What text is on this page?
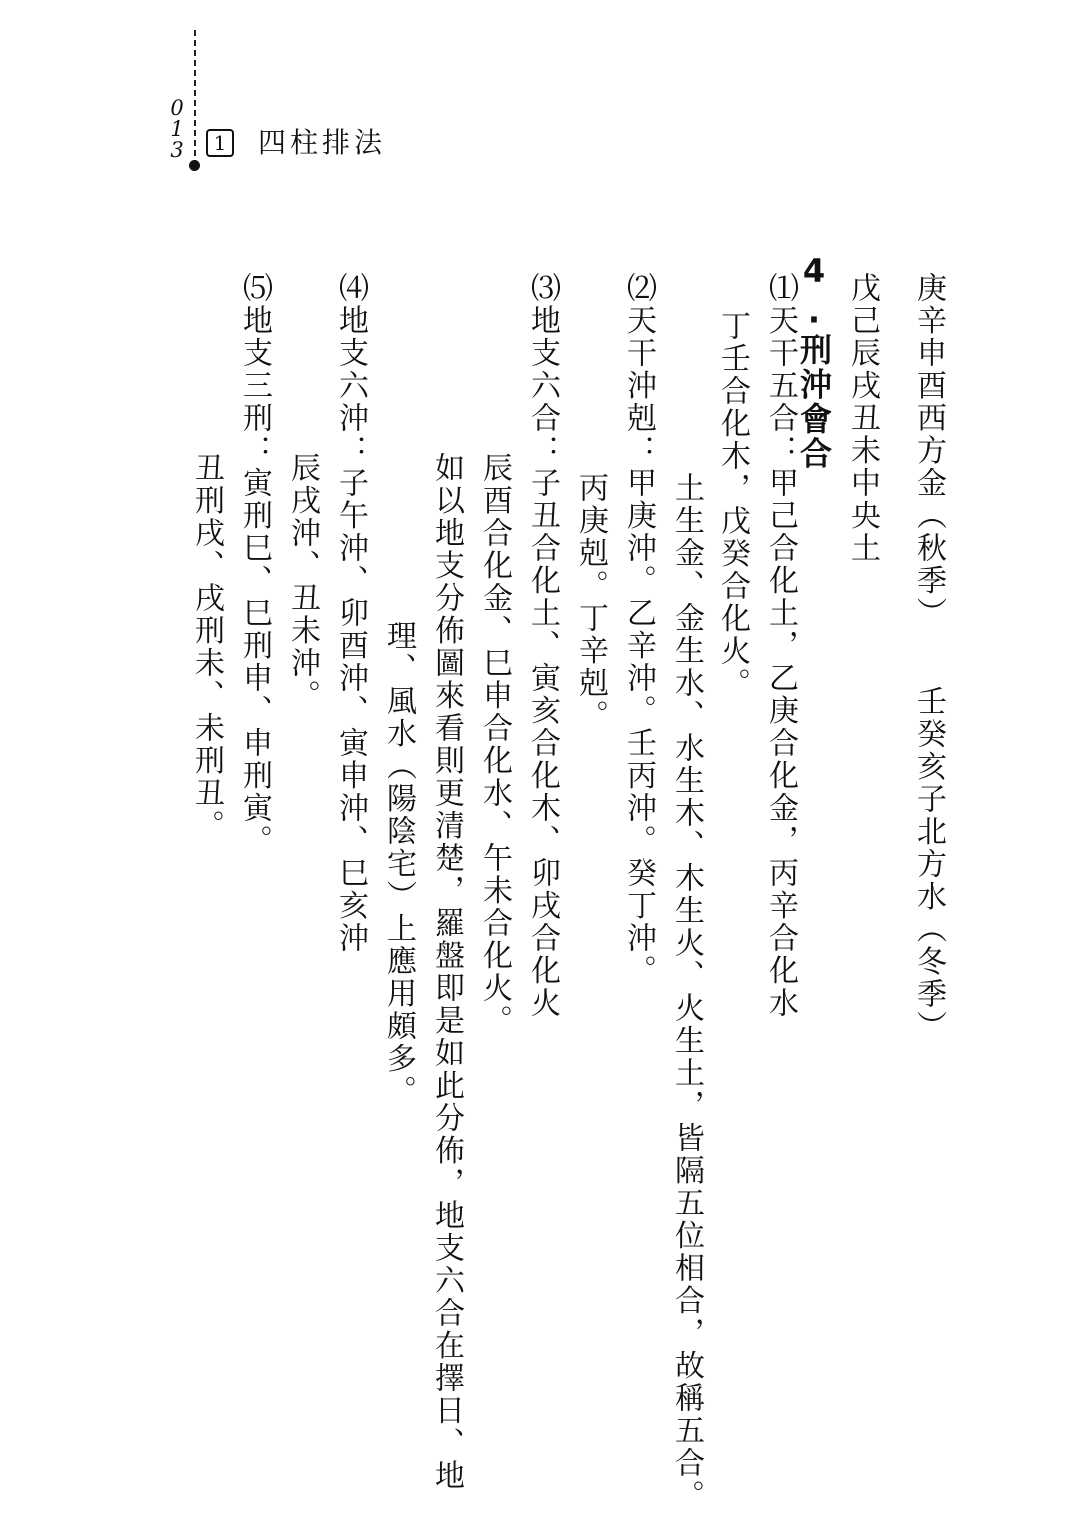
013	1 四柱排法
庚辛申酉西方金（秋季）壬癸亥子北方水（冬季）
戊己辰戌丑未中央土
4.刑沖會合
⑴天干五合：甲己合化土，乙庚合化金，丙辛合化水
丁壬合化木，戊癸合化火。
土生金、金生水、水生木、木生火、火生土，皆隔五位相合，故稱五合。
⑵天干沖剋：甲庚沖。乙辛沖。壬丙沖。癸丁沖。
丙庚剋。丁辛剋。
⑶地支六合：子丑合化土、寅亥合化木、卯戌合化火
辰酉合化金、巳申合化水、午未合化火。
如以地支分佈圖來看則更清楚，羅盤即是如此分佈，地支六合在擇日、地
理、風水（陽陰宅）上應用頗多。
⑷地支六沖：子午沖、卯酉沖、寅申沖、巳亥沖
辰戌沖、丑未沖。
⑸地支三刑：寅刑巳、巳刑申、申刑寅。
丑刑戌、戌刑未、未刑丑。
